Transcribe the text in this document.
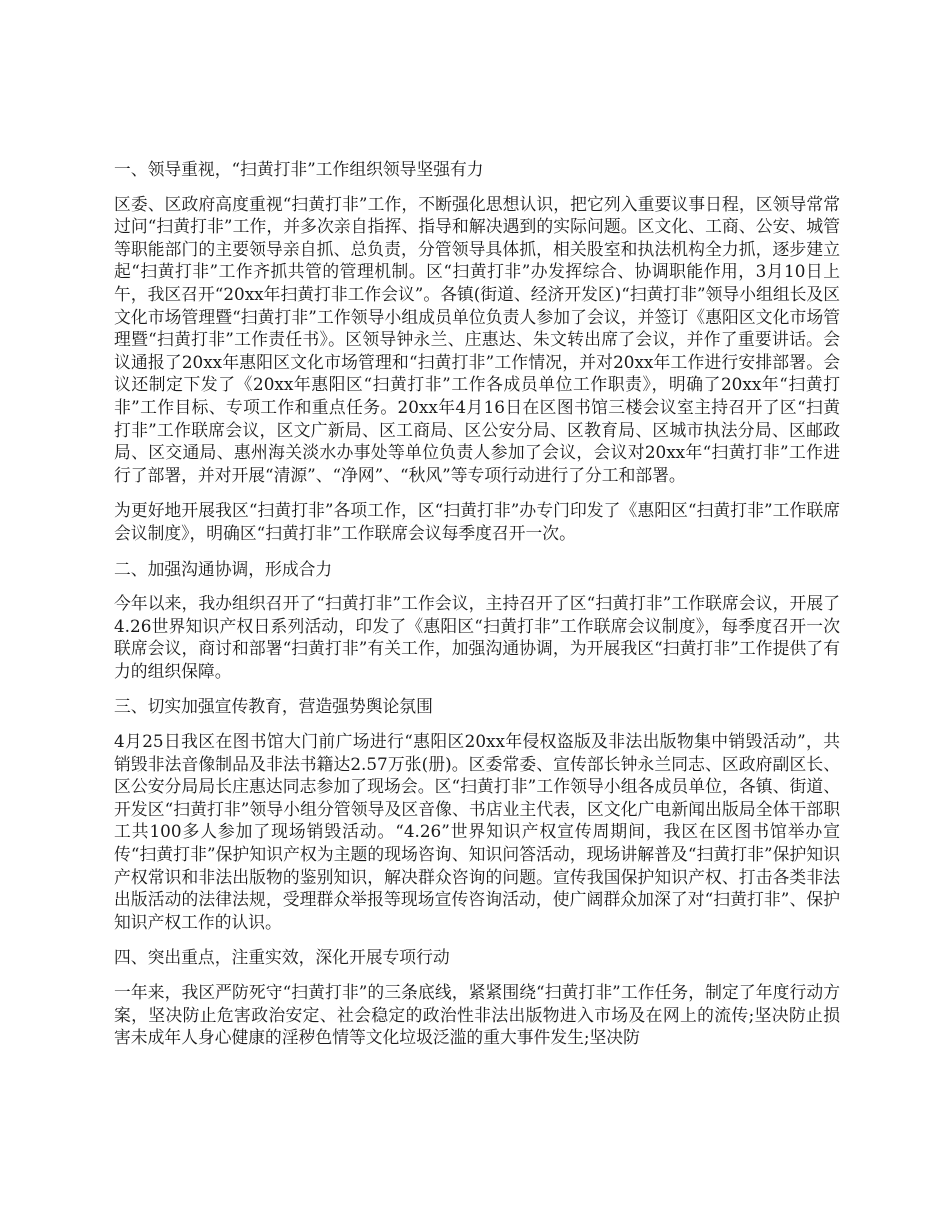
一、领导重视，“扫黄打非”工作组织领导坚强有力

区委、区政府高度重视“扫黄打非”工作，不断强化思想认识，把它列入重要议事日程，区领导常常过问“扫黄打非”工作，并多次亲自指挥、指导和解决遇到的实际问题。区文化、工商、公安、城管等职能部门的主要领导亲自抓、总负责，分管领导具体抓，相关股室和执法机构全力抓，逐步建立起“扫黄打非”工作齐抓共管的管理机制。区“扫黄打非”办发挥综合、协调职能作用，3月10日上午，我区召开“20xx年扫黄打非工作会议”。各镇(街道、经济开发区)“扫黄打非”领导小组组长及区文化市场管理暨“扫黄打非”工作领导小组成员单位负责人参加了会议，并签订《惠阳区文化市场管理暨“扫黄打非”工作责任书》。区领导钟永兰、庄惠达、朱文转出席了会议，并作了重要讲话。会议通报了20xx年惠阳区文化市场管理和“扫黄打非”工作情况，并对20xx年工作进行安排部署。会议还制定下发了《20xx年惠阳区“扫黄打非”工作各成员单位工作职责》，明确了20xx年“扫黄打非”工作目标、专项工作和重点任务。20xx年4月16日在区图书馆三楼会议室主持召开了区“扫黄打非”工作联席会议，区文广新局、区工商局、区公安分局、区教育局、区城市执法分局、区邮政局、区交通局、惠州海关淡水办事处等单位负责人参加了会议，会议对20xx年“扫黄打非”工作进行了部署，并对开展“清源”、“净网”、“秋风”等专项行动进行了分工和部署。

为更好地开展我区“扫黄打非”各项工作，区“扫黄打非”办专门印发了《惠阳区“扫黄打非”工作联席会议制度》，明确区“扫黄打非”工作联席会议每季度召开一次。

二、加强沟通协调，形成合力

今年以来，我办组织召开了“扫黄打非”工作会议，主持召开了区“扫黄打非”工作联席会议，开展了4.26世界知识产权日系列活动，印发了《惠阳区“扫黄打非”工作联席会议制度》，每季度召开一次联席会议，商讨和部署“扫黄打非”有关工作，加强沟通协调，为开展我区“扫黄打非”工作提供了有力的组织保障。

三、切实加强宣传教育，营造强势舆论氛围

4月25日我区在图书馆大门前广场进行“惠阳区20xx年侵权盗版及非法出版物集中销毁活动”，共销毁非法音像制品及非法书籍达2.57万张(册)。区委常委、宣传部长钟永兰同志、区政府副区长、区公安分局局长庄惠达同志参加了现场会。区“扫黄打非”工作领导小组各成员单位，各镇、街道、开发区“扫黄打非”领导小组分管领导及区音像、书店业主代表，区文化广电新闻出版局全体干部职工共100多人参加了现场销毁活动。“4.26”世界知识产权宣传周期间，我区在区图书馆举办宣传“扫黄打非”保护知识产权为主题的现场咨询、知识问答活动，现场讲解普及“扫黄打非”保护知识产权常识和非法出版物的鉴别知识，解决群众咨询的问题。宣传我国保护知识产权、打击各类非法出版活动的法律法规，受理群众举报等现场宣传咨询活动，使广阔群众加深了对“扫黄打非”、保护知识产权工作的认识。

四、突出重点，注重实效，深化开展专项行动

一年来，我区严防死守“扫黄打非”的三条底线，紧紧围绕“扫黄打非”工作任务，制定了年度行动方案，坚决防止危害政治安定、社会稳定的政治性非法出版物进入市场及在网上的流传;坚决防止损害未成年人身心健康的淫秽色情等文化垃圾泛滥的重大事件发生;坚决防
